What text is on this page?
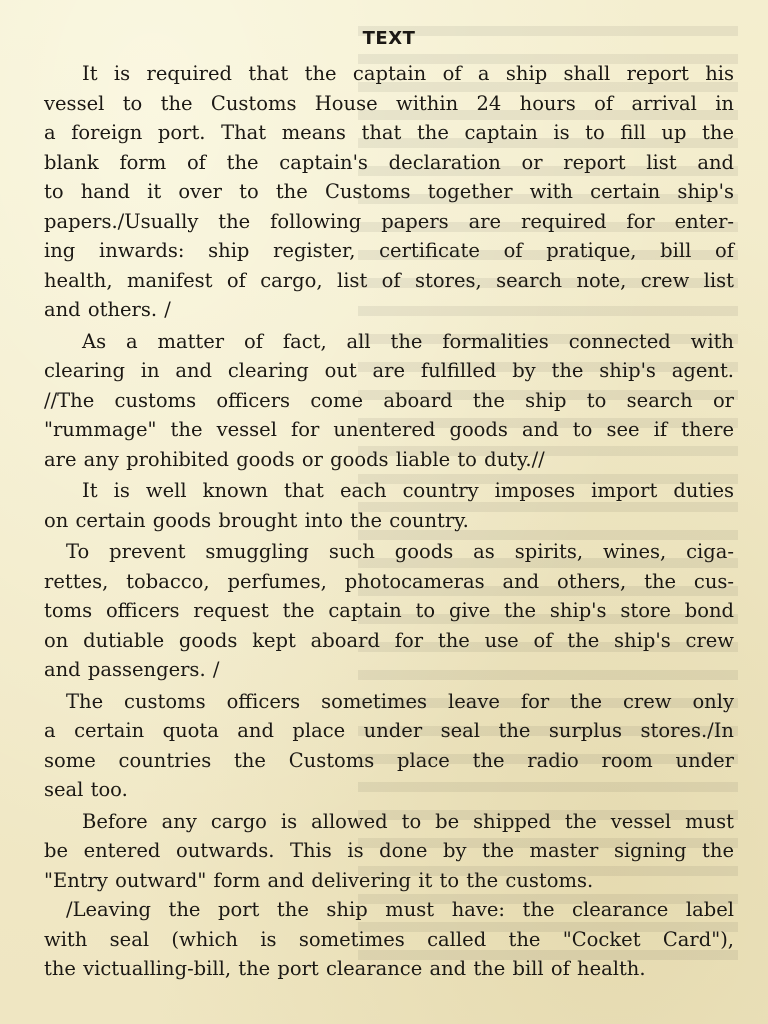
TEXT

It is required that the captain of a ship shall report his
vessel to the Customs House within 24 hours of arrival in
a foreign port. That means that the captain is to fill up the
blank form of the captain's declaration or report list and
to hand it over to the Customs together with certain ship's
papers./Usually the following papers are required for enter-
ing inwards: ship register, certificate of pratique, bill of
health, manifest of cargo, list of stores, search note, crew list
and others. /

As a matter of fact, all the formalities connected with
clearing in and clearing out are fulfilled by the ship's agent.
//The customs officers come aboard the ship to search or
"rummage" the vessel for unentered goods and to see if there
are any prohibited goods or goods liable to duty.//

It is well known that each country imposes import duties
on certain goods brought into the country.

To prevent smuggling such goods as spirits, wines, ciga-
rettes, tobacco, perfumes, photocameras and others, the cus-
toms officers request the captain to give the ship's store bond
on dutiable goods kept aboard for the use of the ship's crew
and passengers. /

The customs officers sometimes leave for the crew only
a certain quota and place under seal the surplus stores./In
some countries the Customs place the radio room under
seal too.

Before any cargo is allowed to be shipped the vessel must
be entered outwards. This is done by the master signing the
"Entry outward" form and delivering it to the customs.
/Leaving the port the ship must have: the clearance label
with seal (which is sometimes called the "Cocket Card"),
the victualling-bill, the port clearance and the bill of health.
